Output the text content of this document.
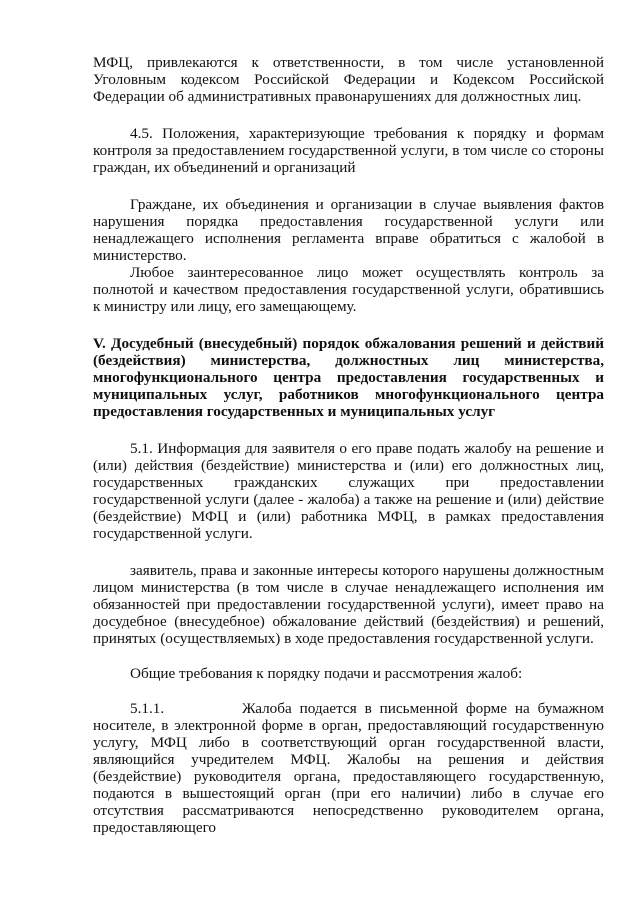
МФЦ, привлекаются к ответственности, в том числе установленной Уголовным кодексом Российской Федерации и Кодексом Российской Федерации об административных правонарушениях для должностных лиц.

4.5. Положения, характеризующие требования к порядку и формам контроля за предоставлением государственной услуги, в том числе со стороны граждан, их объединений и организаций

Граждане, их объединения и организации в случае выявления фактов нарушения порядка предоставления государственной услуги или ненадлежащего исполнения регламента вправе обратиться с жалобой в министерство.

Любое заинтересованное лицо может осуществлять контроль за полнотой и качеством предоставления государственной услуги, обратившись к министру или лицу, его замещающему.

V. Досудебный (внесудебный) порядок обжалования решений и действий (бездействия) министерства, должностных лиц министерства, многофункционального центра предоставления государственных и муниципальных услуг, работников многофункционального центра предоставления государственных и муниципальных услуг

5.1. Информация для заявителя о его праве подать жалобу на решение и (или) действия (бездействие) министерства и (или) его должностных лиц, государственных гражданских служащих при предоставлении государственной услуги (далее - жалоба) а также на решение и (или) действие (бездействие) МФЦ и (или) работника МФЦ, в рамках предоставления государственной услуги.

заявитель, права и законные интересы которого нарушены должностным лицом министерства (в том числе в случае ненадлежащего исполнения им обязанностей при предоставлении государственной услуги), имеет право на досудебное (внесудебное) обжалование действий (бездействия) и решений, принятых (осуществляемых) в ходе предоставления государственной услуги.

Общие требования к порядку подачи и рассмотрения жалоб:

5.1.1.	Жалоба подается в письменной форме на бумажном носителе, в электронной форме в орган, предоставляющий государственную услугу, МФЦ либо в соответствующий орган государственной власти, являющийся учредителем МФЦ. Жалобы на решения и действия (бездействие) руководителя органа, предоставляющего государственную, подаются в вышестоящий орган (при его наличии) либо в случае его отсутствия рассматриваются непосредственно руководителем органа, предоставляющего
